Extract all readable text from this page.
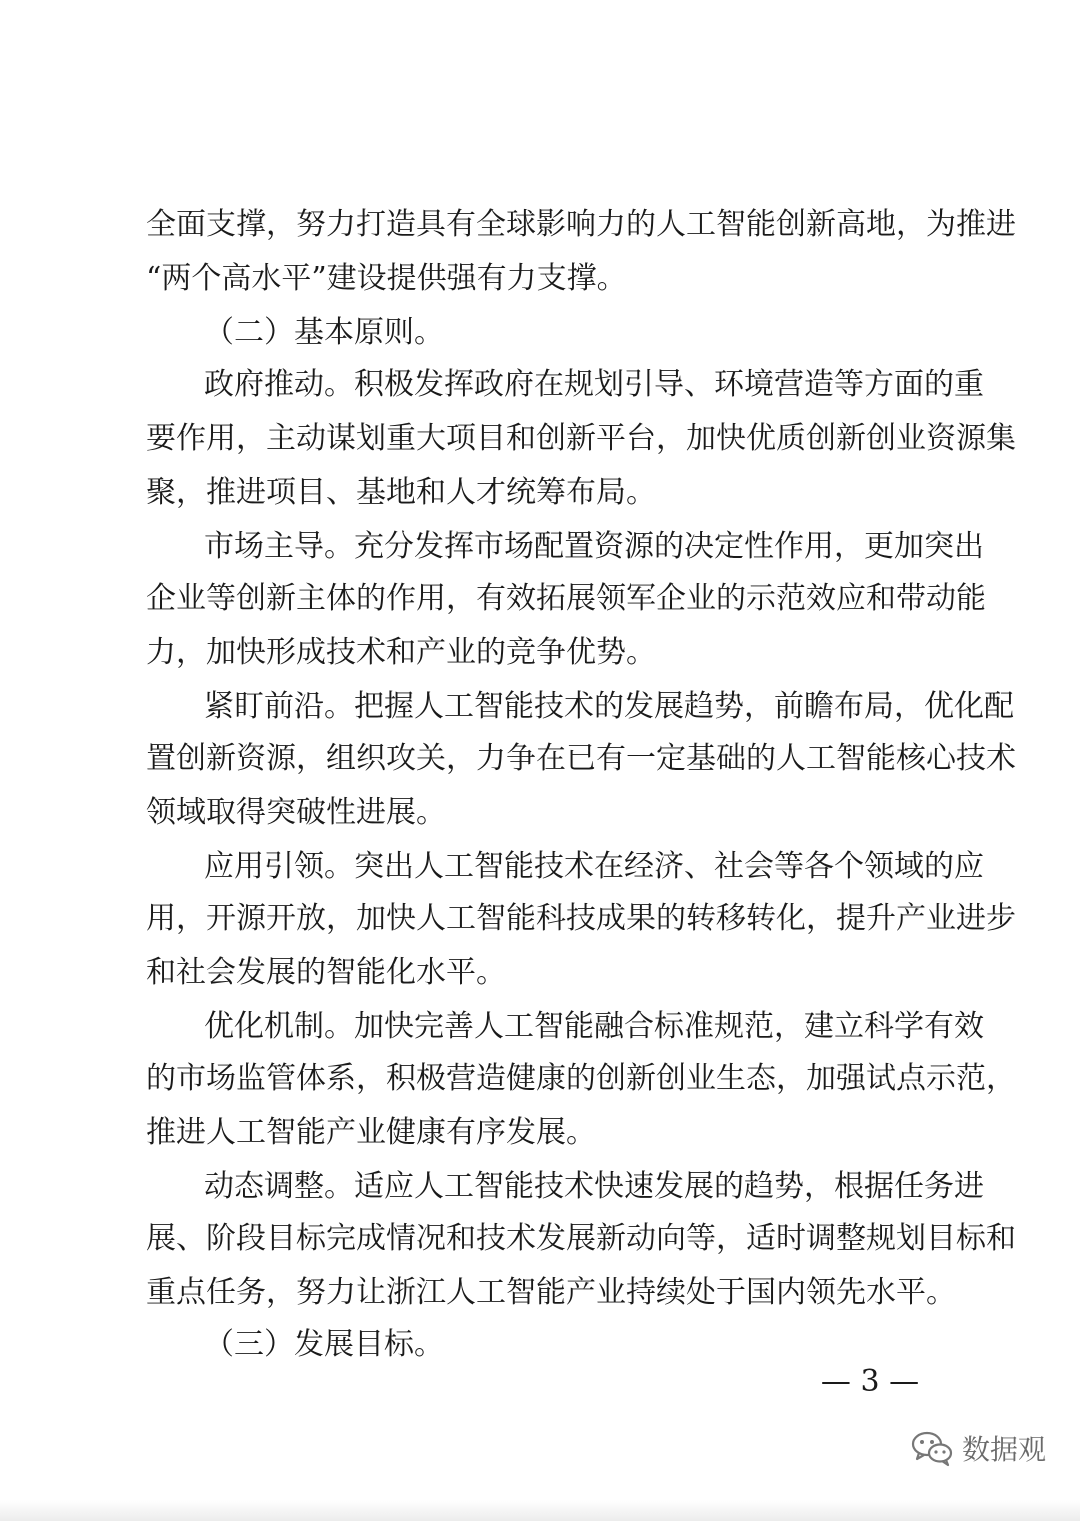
全面支撑，努力打造具有全球影响力的人工智能创新高地，为推进
“两个高水平”建设提供强有力支撑。
（二）基本原则。
政府推动。积极发挥政府在规划引导、环境营造等方面的重
要作用，主动谋划重大项目和创新平台，加快优质创新创业资源集
聚，推进项目、基地和人才统筹布局。
市场主导。充分发挥市场配置资源的决定性作用，更加突出
企业等创新主体的作用，有效拓展领军企业的示范效应和带动能
力，加快形成技术和产业的竞争优势。
紧盯前沿。把握人工智能技术的发展趋势，前瞻布局，优化配
置创新资源，组织攻关，力争在已有一定基础的人工智能核心技术
领域取得突破性进展。
应用引领。突出人工智能技术在经济、社会等各个领域的应
用，开源开放，加快人工智能科技成果的转移转化，提升产业进步
和社会发展的智能化水平。
优化机制。加快完善人工智能融合标准规范，建立科学有效
的市场监管体系，积极营造健康的创新创业生态，加强试点示范，
推进人工智能产业健康有序发展。
动态调整。适应人工智能技术快速发展的趋势，根据任务进
展、阶段目标完成情况和技术发展新动向等，适时调整规划目标和
重点任务，努力让浙江人工智能产业持续处于国内领先水平。
（三）发展目标。
— 3 —
数据观
